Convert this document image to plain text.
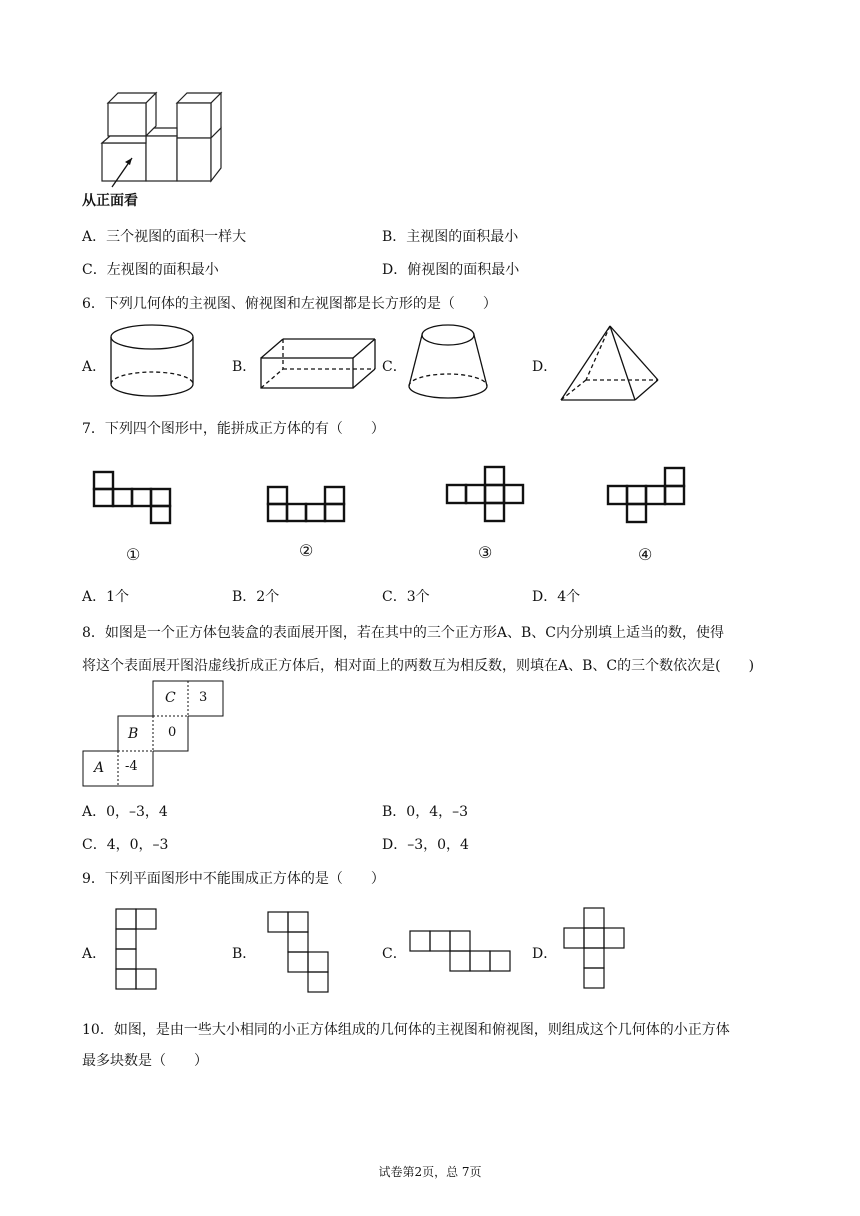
从正面看
A．三个视图的面积一样大	B．主视图的面积最小
C．左视图的面积最小	D．俯视图的面积最小
6．下列几何体的主视图、俯视图和左视图都是长方形的是（　　）
A．	B．	C．	D．
7．下列四个图形中，能拼成正方体的有（　　）
①	②	③	④
A．1个	B．2个	C．3个	D．4个
8．如图是一个正方体包装盒的表面展开图，若在其中的三个正方形A、B、C内分别填上适当的数，使得
将这个表面展开图沿虚线折成正方体后，相对面上的两数互为相反数，则填在A、B、C的三个数依次是(　　)
C 3
B 0
A -4
A．0，–3，4	B．0，4，–3
C．4，0，–3	D．–3，0，4
9．下列平面图形中不能围成正方体的是（　　）
A．	B．	C．	D．
10．如图，是由一些大小相同的小正方体组成的几何体的主视图和俯视图，则组成这个几何体的小正方体
最多块数是（　　）
试卷第2页，总 7页
